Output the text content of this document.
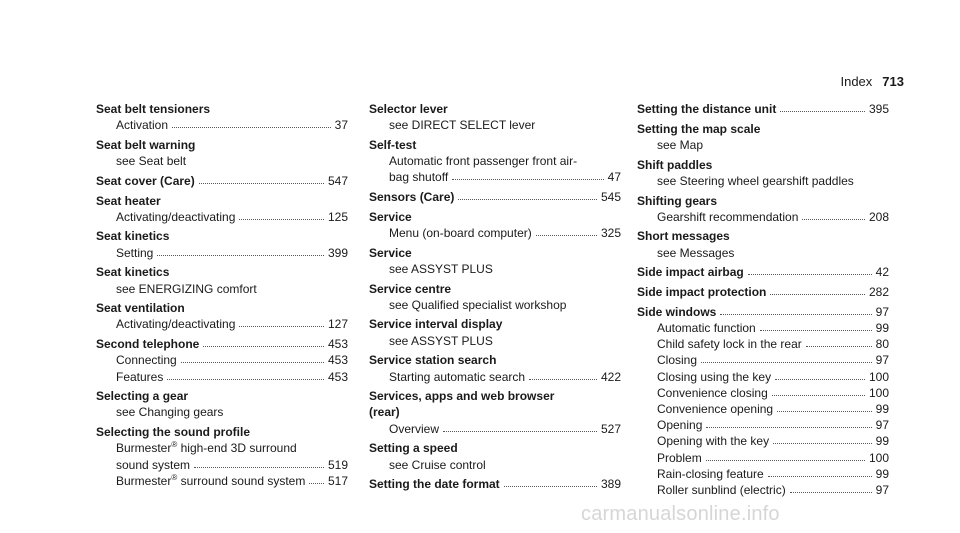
Index 713
Seat belt tensioners
Activation	37
Seat belt warning
see Seat belt
Seat cover (Care)	547
Seat heater
Activating/deactivating	125
Seat kinetics
Setting	399
Seat kinetics
see ENERGIZING comfort
Seat ventilation
Activating/deactivating	127
Second telephone	453
Connecting	453
Features	453
Selecting a gear
see Changing gears
Selecting the sound profile
Burmester® high-end 3D surround
sound system	519
Burmester® surround sound system 517
Selector lever
see DIRECT SELECT lever
Self-test
Automatic front passenger front air-
bag shutoff	47
Sensors (Care)	545
Service
Menu (on-board computer)	325
Service
see ASSYST PLUS
Service centre
see Qualified specialist workshop
Service interval display
see ASSYST PLUS
Service station search
Starting automatic search	422
Services, apps and web browser
(rear)
Overview	527
Setting a speed
see Cruise control
Setting the date format	389
Setting the distance unit	395
Setting the map scale
see Map
Shift paddles
see Steering wheel gearshift paddles
Shifting gears
Gearshift recommendation	208
Short messages
see Messages
Side impact airbag	42
Side impact protection	282
Side windows	97
Automatic function	99
Child safety lock in the rear	80
Closing	97
Closing using the key	100
Convenience closing	100
Convenience opening	99
Opening	97
Opening with the key	99
Problem	100
Rain-closing feature	99
Roller sunblind (electric)	97
carmanualsonline.info
